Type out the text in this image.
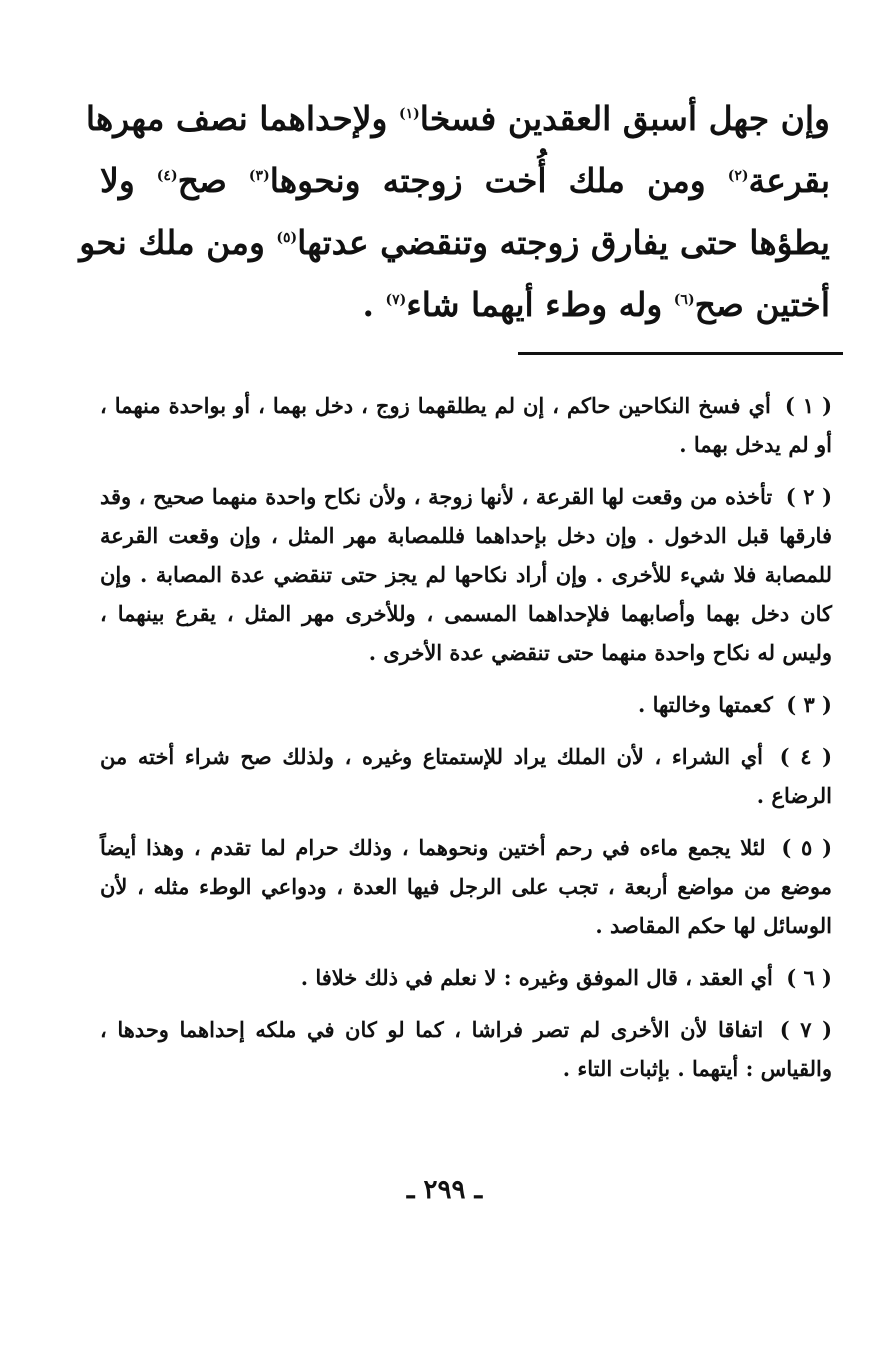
وإن جهل أسبق العقدين فسخا$^{(١)}$ ولإحداهما نصف مهرها
بقرعة$^{(٢)}$ ومن ملك أُخت زوجته ونحوها$^{(٣)}$ صح$^{(٤)}$ ولا
يطؤها حتى يفارق زوجته وتنقضي عدتها$^{(٥)}$ ومن ملك نحو
أختين صح$^{(٦)}$ وله وطء أيهما شاء$^{(٧)}$ .

( ١ ) أي فسخ النكاحين حاكم ، إن لم يطلقهما زوج ، دخل بهما ، أو بواحدة منهما ، أو لم يدخل بهما .

( ٢ ) تأخذه من وقعت لها القرعة ، لأنها زوجة ، ولأن نكاح واحدة منهما صحيح ، وقد فارقها قبل الدخول . وإن دخل بإحداهما فللمصابة مهر المثل ، وإن وقعت القرعة للمصابة فلا شيء للأخرى . وإن أراد نكاحها لم يجز حتى تنقضي عدة المصابة . وإن كان دخل بهما وأصابهما فلإحداهما المسمى ، وللأخرى مهر المثل ، يقرع بينهما ، وليس له نكاح واحدة منهما حتى تنقضي عدة الأخرى .

( ٣ ) كعمتها وخالتها .

( ٤ ) أي الشراء ، لأن الملك يراد للإستمتاع وغيره ، ولذلك صح شراء أخته من الرضاع .

( ٥ ) لئلا يجمع ماءه في رحم أختين ونحوهما ، وذلك حرام لما تقدم ، وهذا أيضاً موضع من مواضع أربعة ، تجب على الرجل فيها العدة ، ودواعي الوطء مثله ، لأن الوسائل لها حكم المقاصد .

( ٦ ) أي العقد ، قال الموفق وغيره : لا نعلم في ذلك خلافا .

( ٧ ) اتفاقا لأن الأخرى لم تصر فراشا ، كما لو كان في ملكه إحداهما وحدها ، والقياس : أيتهما . بإثبات التاء .

ـ ٢٩٩ ـ
